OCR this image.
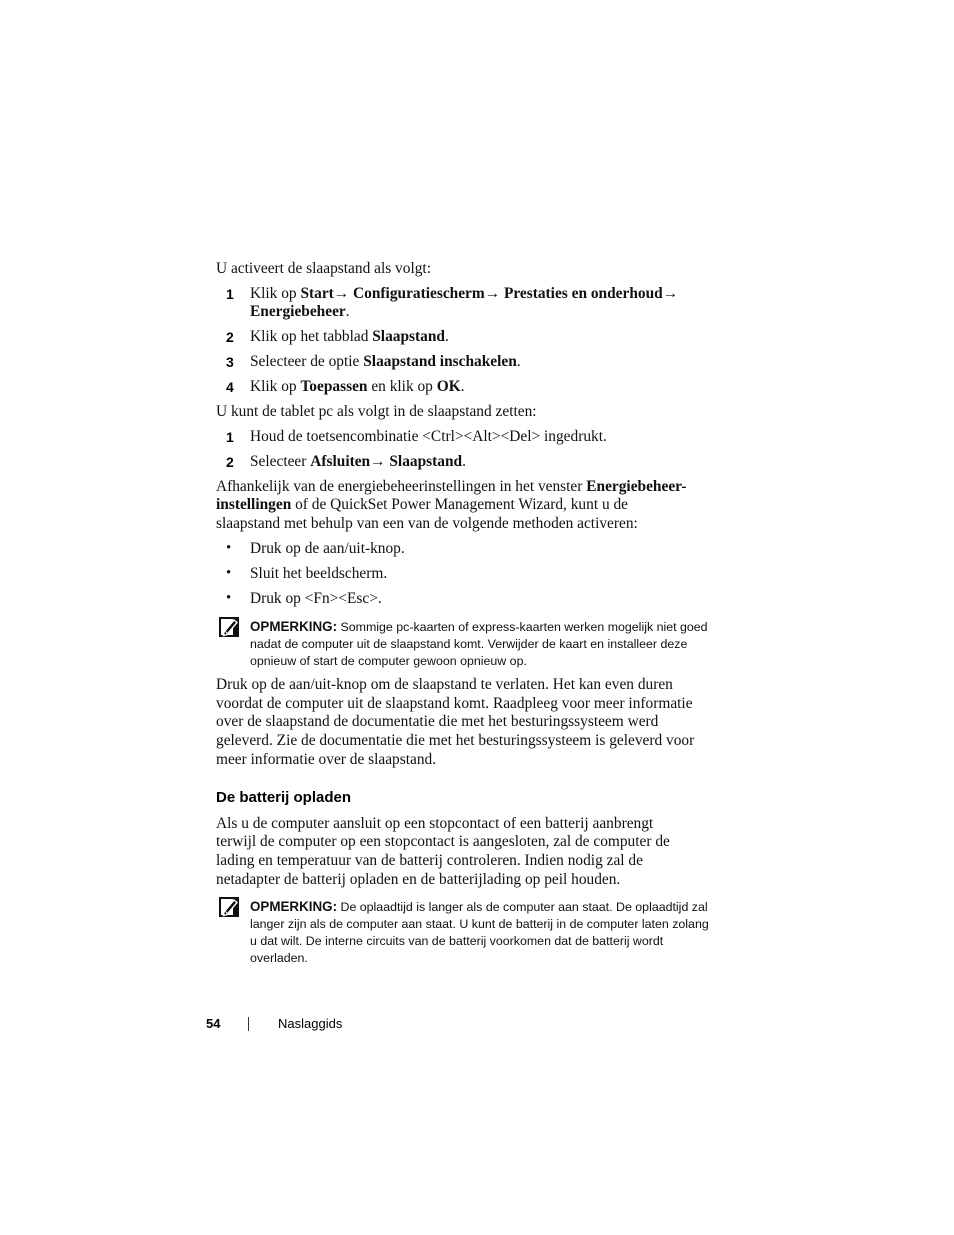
U activeert de slaapstand als volgt:
1 Klik op Start→ Configuratiescherm→ Prestaties en onderhoud→
Energiebeheer.
2 Klik op het tabblad Slaapstand.
3 Selecteer de optie Slaapstand inschakelen.
4 Klik op Toepassen en klik op OK.
U kunt de tablet pc als volgt in de slaapstand zetten:
1 Houd de toetsencombinatie <Ctrl><Alt><Del> ingedrukt.
2 Selecteer Afsluiten→ Slaapstand.
Afhankelijk van de energiebeheerinstellingen in het venster Energiebeheer-
instellingen of de QuickSet Power Management Wizard, kunt u de
slaapstand met behulp van een van de volgende methoden activeren:
• Druk op de aan/uit-knop.
• Sluit het beeldscherm.
• Druk op <Fn><Esc>.
OPMERKING: Sommige pc-kaarten of express-kaarten werken mogelijk niet goed
nadat de computer uit de slaapstand komt. Verwijder de kaart en installeer deze
opnieuw of start de computer gewoon opnieuw op.
Druk op de aan/uit-knop om de slaapstand te verlaten. Het kan even duren
voordat de computer uit de slaapstand komt. Raadpleeg voor meer informatie
over de slaapstand de documentatie die met het besturingssysteem werd
geleverd. Zie de documentatie die met het besturingssysteem is geleverd voor
meer informatie over de slaapstand.
De batterij opladen
Als u de computer aansluit op een stopcontact of een batterij aanbrengt
terwijl de computer op een stopcontact is aangesloten, zal de computer de
lading en temperatuur van de batterij controleren. Indien nodig zal de
netadapter de batterij opladen en de batterijlading op peil houden.
OPMERKING: De oplaadtijd is langer als de computer aan staat. De oplaadtijd zal
langer zijn als de computer aan staat. U kunt de batterij in de computer laten zolang
u dat wilt. De interne circuits van de batterij voorkomen dat de batterij wordt
overladen.
54	Naslaggids
